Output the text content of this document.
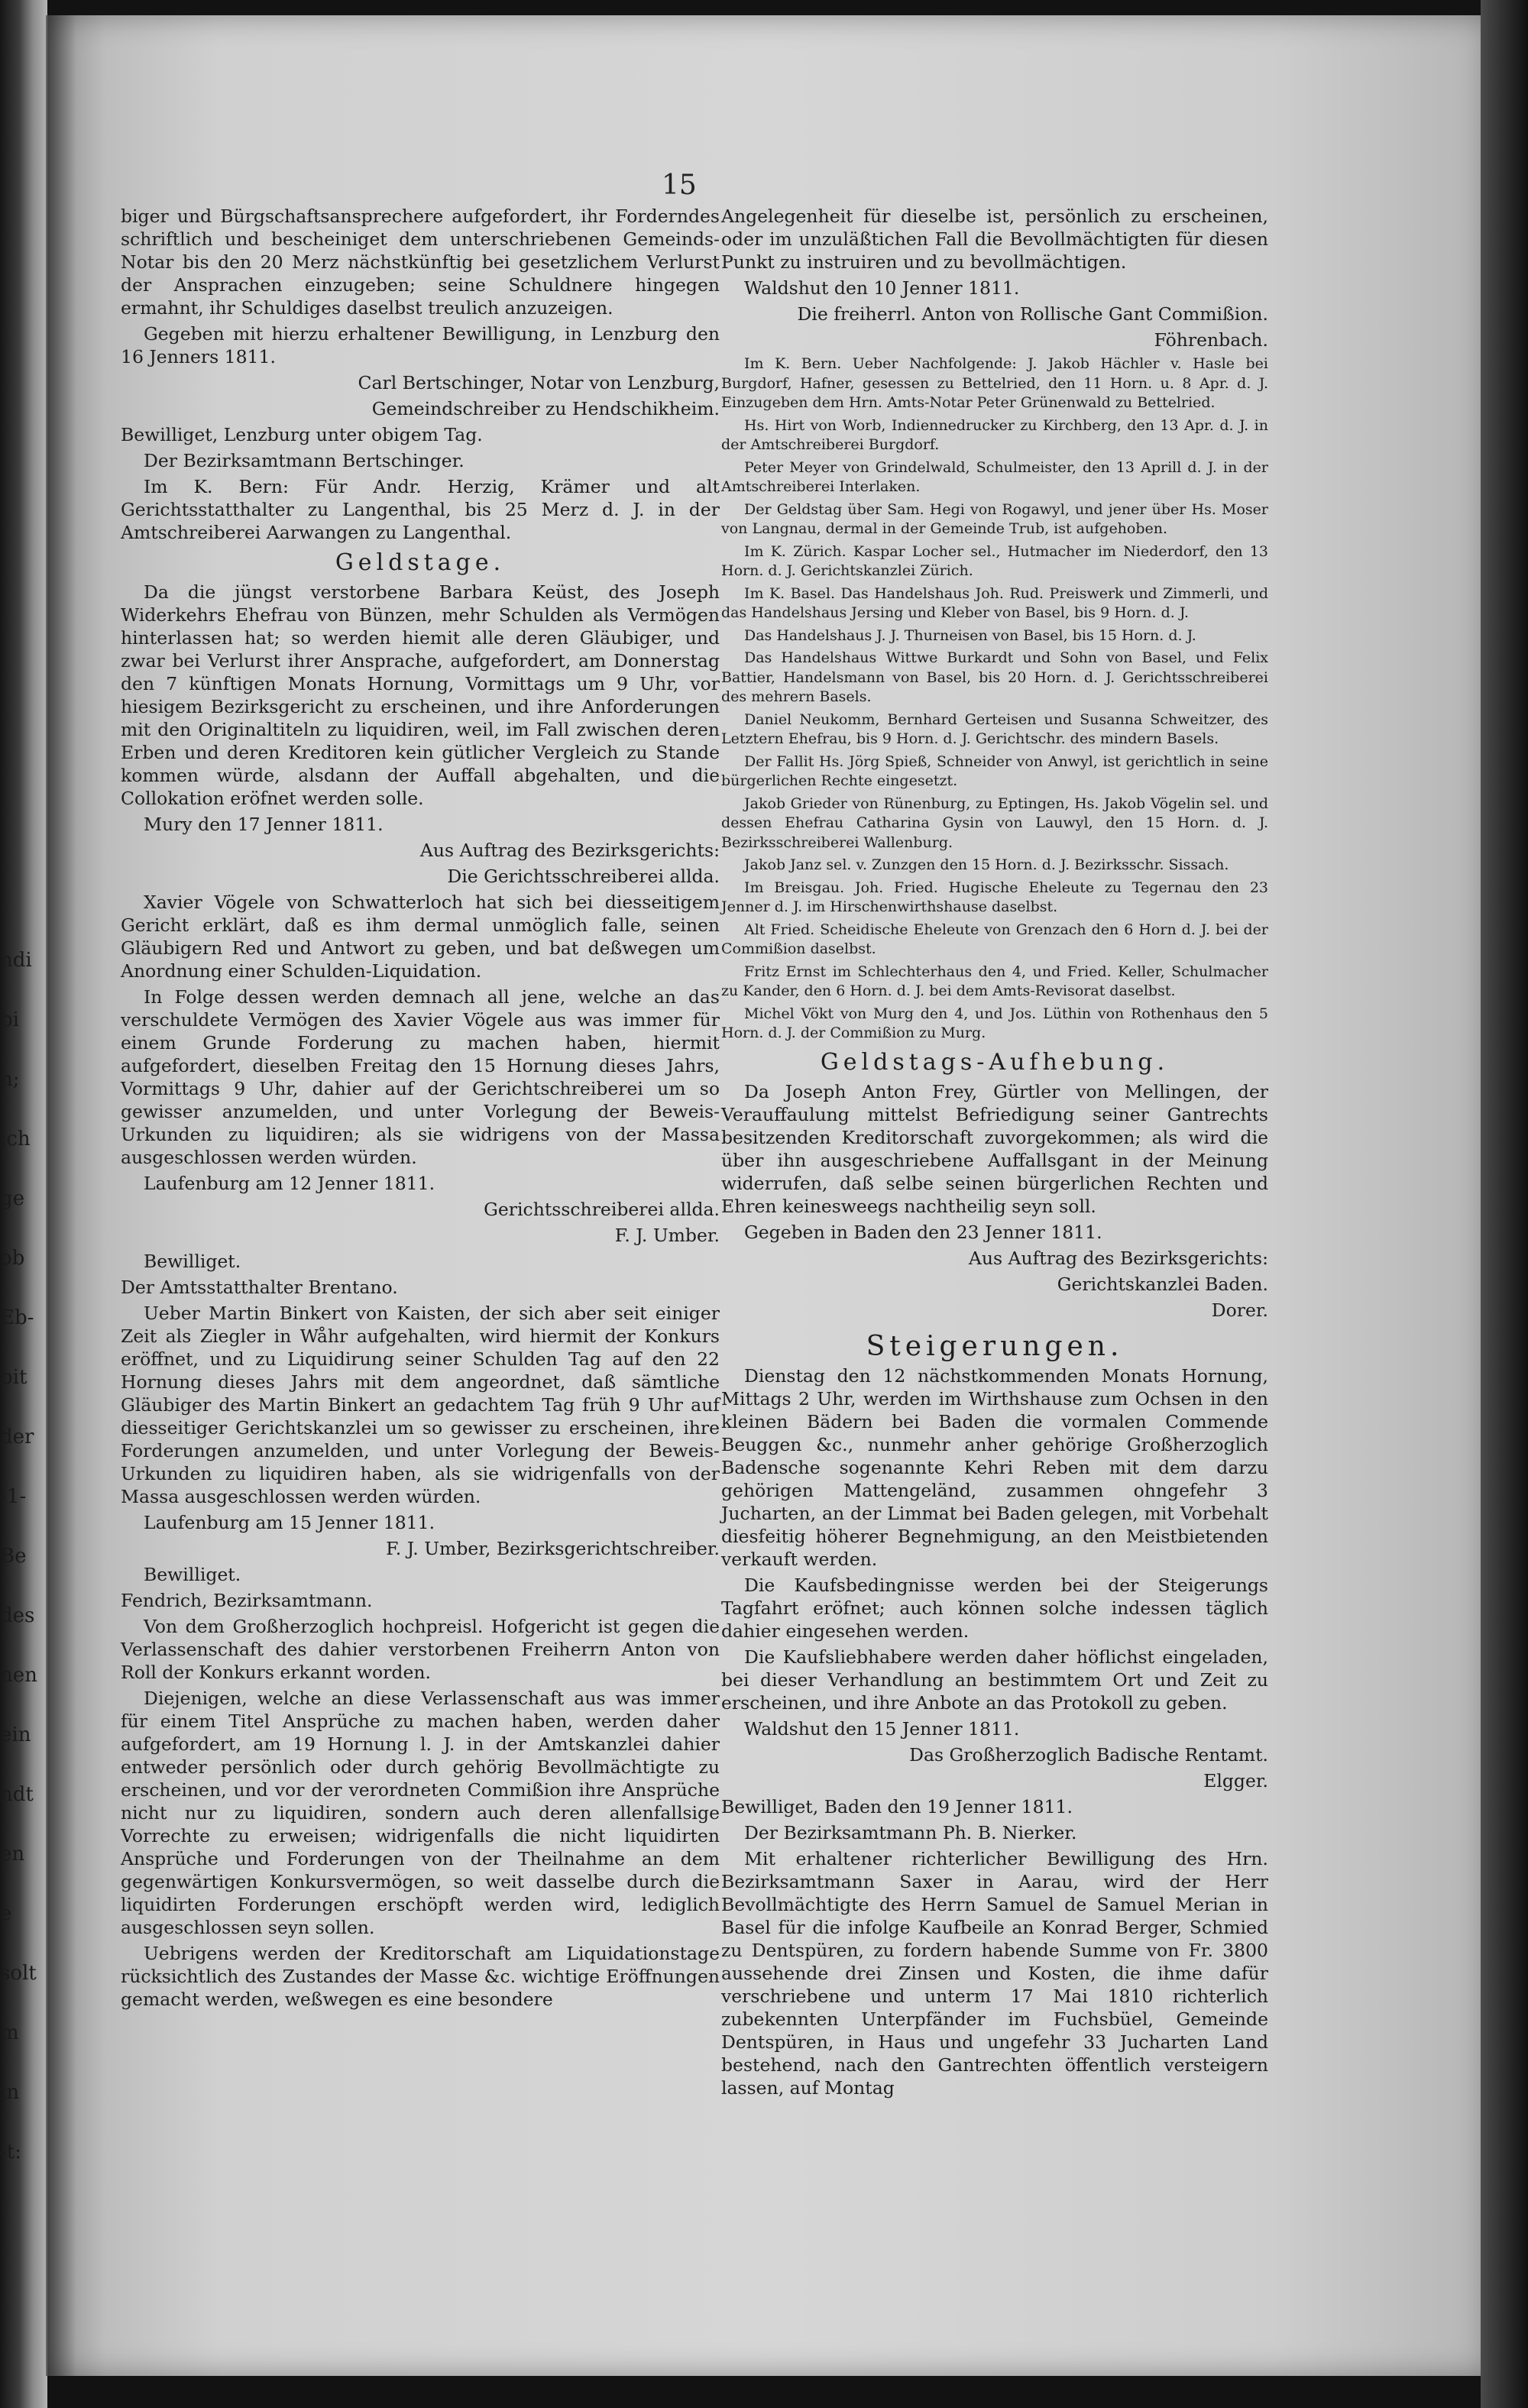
ndi
bi
n;
ich
ge
ob
Eb-
bit
der
-1-
Be
des
nen
ein
ndt
en
e
solt
m
in
-t:
15

biger und Bürgschaftsansprechere aufgefordert, ihr Forderndes schriftlich und bescheiniget dem unterschriebenen Gemeinds-Notar bis den 20 Merz nächstkünftig bei gesetzlichem Verlurst der Ansprachen einzugeben; seine Schuldnere hingegen ermahnt, ihr Schuldiges daselbst treulich anzuzeigen.

Gegeben mit hierzu erhaltener Bewilligung, in Lenzburg den 16 Jenners 1811.

Carl Bertschinger, Notar von Lenzburg,

Gemeindschreiber zu Hendschikheim.

Bewilliget, Lenzburg unter obigem Tag.

Der Bezirksamtmann Bertschinger.

Im K. Bern: Für Andr. Herzig, Krämer und alt Gerichtsstatthalter zu Langenthal, bis 25 Merz d. J. in der Amtschreiberei Aarwangen zu Langenthal.

Geldstage.

Da die jüngst verstorbene Barbara Keüst, des Joseph Widerkehrs Ehefrau von Bünzen, mehr Schulden als Vermögen hinterlassen hat; so werden hiemit alle deren Gläubiger, und zwar bei Verlurst ihrer Ansprache, aufgefordert, am Donnerstag den 7 künftigen Monats Hornung, Vormittags um 9 Uhr, vor hiesigem Bezirksgericht zu erscheinen, und ihre Anforderungen mit den Originaltiteln zu liquidiren, weil, im Fall zwischen deren Erben und deren Kreditoren kein gütlicher Vergleich zu Stande kommen würde, alsdann der Auffall abgehalten, und die Collokation eröfnet werden solle.

Mury den 17 Jenner 1811.

Aus Auftrag des Bezirksgerichts:

Die Gerichtsschreiberei allda.

Xavier Vögele von Schwatterloch hat sich bei diesseitigem Gericht erklärt, daß es ihm dermal unmöglich falle, seinen Gläubigern Red und Antwort zu geben, und bat deßwegen um Anordnung einer Schulden-Liquidation.

In Folge dessen werden demnach all jene, welche an das verschuldete Vermögen des Xavier Vögele aus was immer für einem Grunde Forderung zu machen haben, hiermit aufgefordert, dieselben Freitag den 15 Hornung dieses Jahrs, Vormittags 9 Uhr, dahier auf der Gerichtschreiberei um so gewisser anzumelden, und unter Vorlegung der Beweis-Urkunden zu liquidiren; als sie widrigens von der Massa ausgeschlossen werden würden.

Laufenburg am 12 Jenner 1811.

Gerichtsschreiberei allda.

F. J. Umber.

Bewilliget.

Der Amtsstatthalter Brentano.

Ueber Martin Binkert von Kaisten, der sich aber seit einiger Zeit als Ziegler in Wåhr aufgehalten, wird hiermit der Konkurs eröffnet, und zu Liquidirung seiner Schulden Tag auf den 22 Hornung dieses Jahrs mit dem angeordnet, daß sämtliche Gläubiger des Martin Binkert an gedachtem Tag früh 9 Uhr auf diesseitiger Gerichtskanzlei um so gewisser zu erscheinen, ihre Forderungen anzumelden, und unter Vorlegung der Beweis-Urkunden zu liquidiren haben, als sie widrigenfalls von der Massa ausgeschlossen werden würden.

Laufenburg am 15 Jenner 1811.

F. J. Umber, Bezirksgerichtschreiber.

Bewilliget.

Fendrich, Bezirksamtmann.

Von dem Großherzoglich hochpreisl. Hofgericht ist gegen die Verlassenschaft des dahier verstorbenen Freiherrn Anton von Roll der Konkurs erkannt worden.

Diejenigen, welche an diese Verlassenschaft aus was immer für einem Titel Ansprüche zu machen haben, werden daher aufgefordert, am 19 Hornung l. J. in der Amtskanzlei dahier entweder persönlich oder durch gehörig Bevollmächtigte zu erscheinen, und vor der verordneten Commißion ihre Ansprüche nicht nur zu liquidiren, sondern auch deren allenfallsige Vorrechte zu erweisen; widrigenfalls die nicht liquidirten Ansprüche und Forderungen von der Theilnahme an dem gegenwärtigen Konkursvermögen, so weit dasselbe durch die liquidirten Forderungen erschöpft werden wird, lediglich ausgeschlossen seyn sollen.

Uebrigens werden der Kreditorschaft am Liquidationstage rücksichtlich des Zustandes der Masse &c. wichtige Eröffnungen gemacht werden, weßwegen es eine besondere

Angelegenheit für dieselbe ist, persönlich zu erscheinen, oder im unzuläßtichen Fall die Bevollmächtigten für diesen Punkt zu instruiren und zu bevollmächtigen.

Waldshut den 10 Jenner 1811.

Die freiherrl. Anton von Rollische Gant Commißion.

Föhrenbach.

Im K. Bern. Ueber Nachfolgende: J. Jakob Hächler v. Hasle bei Burgdorf, Hafner, gesessen zu Bettelried, den 11 Horn. u. 8 Apr. d. J. Einzugeben dem Hrn. Amts-Notar Peter Grünenwald zu Bettelried.

Hs. Hirt von Worb, Indiennedrucker zu Kirchberg, den 13 Apr. d. J. in der Amtschreiberei Burgdorf.

Peter Meyer von Grindelwald, Schulmeister, den 13 Aprill d. J. in der Amtschreiberei Interlaken.

Der Geldstag über Sam. Hegi von Rogawyl, und jener über Hs. Moser von Langnau, dermal in der Gemeinde Trub, ist aufgehoben.

Im K. Zürich. Kaspar Locher sel., Hutmacher im Niederdorf, den 13 Horn. d. J. Gerichtskanzlei Zürich.

Im K. Basel. Das Handelshaus Joh. Rud. Preiswerk und Zimmerli, und das Handelshaus Jersing und Kleber von Basel, bis 9 Horn. d. J.

Das Handelshaus J. J. Thurneisen von Basel, bis 15 Horn. d. J.

Das Handelshaus Wittwe Burkardt und Sohn von Basel, und Felix Battier, Handelsmann von Basel, bis 20 Horn. d. J. Gerichtsschreiberei des mehrern Basels.

Daniel Neukomm, Bernhard Gerteisen und Susanna Schweitzer, des Letztern Ehefrau, bis 9 Horn. d. J. Gerichtschr. des mindern Basels.

Der Fallit Hs. Jörg Spieß, Schneider von Anwyl, ist gerichtlich in seine bürgerlichen Rechte eingesetzt.

Jakob Grieder von Rünenburg, zu Eptingen, Hs. Jakob Vögelin sel. und dessen Ehefrau Catharina Gysin von Lauwyl, den 15 Horn. d. J. Bezirksschreiberei Wallenburg.

Jakob Janz sel. v. Zunzgen den 15 Horn. d. J. Bezirksschr. Sissach.

Im Breisgau. Joh. Fried. Hugische Eheleute zu Tegernau den 23 Jenner d. J. im Hirschenwirthshause daselbst.

Alt Fried. Scheidische Eheleute von Grenzach den 6 Horn d. J. bei der Commißion daselbst.

Fritz Ernst im Schlechterhaus den 4, und Fried. Keller, Schulmacher zu Kander, den 6 Horn. d. J. bei dem Amts-Revisorat daselbst.

Michel Vökt von Murg den 4, und Jos. Lüthin von Rothenhaus den 5 Horn. d. J. der Commißion zu Murg.

Geldstags-Aufhebung.

Da Joseph Anton Frey, Gürtler von Mellingen, der Verauffaulung mittelst Befriedigung seiner Gantrechts besitzenden Kreditorschaft zuvorgekommen; als wird die über ihn ausgeschriebene Auffallsgant in der Meinung widerrufen, daß selbe seinen bürgerlichen Rechten und Ehren keinesweegs nachtheilig seyn soll.

Gegeben in Baden den 23 Jenner 1811.

Aus Auftrag des Bezirksgerichts:

Gerichtskanzlei Baden.

Dorer.

Steigerungen.

Dienstag den 12 nächstkommenden Monats Hornung, Mittags 2 Uhr, werden im Wirthshause zum Ochsen in den kleinen Bädern bei Baden die vormalen Commende Beuggen &c., nunmehr anher gehörige Großherzoglich Badensche sogenannte Kehri Reben mit dem darzu gehörigen Mattengeländ, zusammen ohngefehr 3 Jucharten, an der Limmat bei Baden gelegen, mit Vorbehalt diesfeitig höherer Begnehmigung, an den Meistbietenden verkauft werden.

Die Kaufsbedingnisse werden bei der Steigerungs Tagfahrt eröfnet; auch können solche indessen täglich dahier eingesehen werden.

Die Kaufsliebhabere werden daher höflichst eingeladen, bei dieser Verhandlung an bestimmtem Ort und Zeit zu erscheinen, und ihre Anbote an das Protokoll zu geben.

Waldshut den 15 Jenner 1811.

Das Großherzoglich Badische Rentamt.

Elgger.

Bewilliget, Baden den 19 Jenner 1811.

Der Bezirksamtmann Ph. B. Nierker.

Mit erhaltener richterlicher Bewilligung des Hrn. Bezirksamtmann Saxer in Aarau, wird der Herr Bevollmächtigte des Herrn Samuel de Samuel Merian in Basel für die infolge Kaufbeile an Konrad Berger, Schmied zu Dentspüren, zu fordern habende Summe von Fr. 3800 aussehende drei Zinsen und Kosten, die ihme dafür verschriebene und unterm 17 Mai 1810 richterlich zubekennten Unterpfänder im Fuchsbüel, Gemeinde Dentspüren, in Haus und ungefehr 33 Jucharten Land bestehend, nach den Gantrechten öffentlich versteigern lassen, auf Montag
